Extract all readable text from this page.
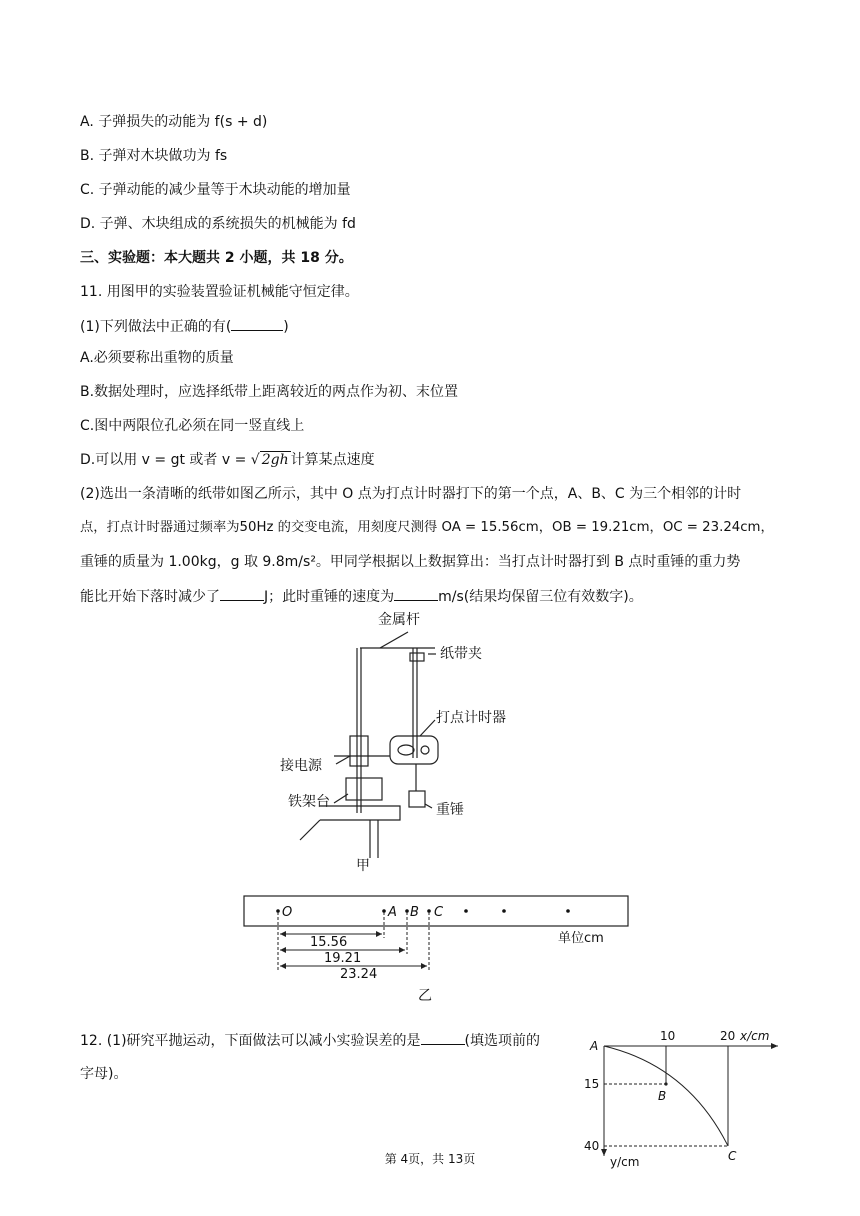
A. 子弹损失的动能为 f(s + d)
B. 子弹对木块做功为 fs
C. 子弹动能的减少量等于木块动能的增加量
D. 子弹、木块组成的系统损失的机械能为 fd
三、实验题：本大题共 2 小题，共 18 分。
11. 用图甲的实验装置验证机械能守恒定律。
(1)下列做法中正确的有(	)
A.必须要称出重物的质量
B.数据处理时，应选择纸带上距离较近的两点作为初、末位置
C.图中两限位孔必须在同一竖直线上
D.可以用 v = gt 或者 v = √ 2gh 计算某点速度
(2)选出一条清晰的纸带如图乙所示，其中 O 点为打点计时器打下的第一个点，A、B、C 为三个相邻的计时
点，打点计时器通过频率为50Hz 的交变电流，用刻度尺测得 OA = 15.56cm，OB = 19.21cm，OC = 23.24cm，
重锤的质量为 1.00kg，g 取 9.8m/s²。甲同学根据以上数据算出：当打点计时器打到 B 点时重锤的重力势
能比开始下落时减少了	J；此时重锤的速度为	m/s(结果均保留三位有效数字)。
金属杆
纸带夹
打点计时器
接电源
铁架台	重锤
甲
O	A B C
15.56
19.21
23.24
单位cm
乙
12. (1)研究平抛运动，下面做法可以减小实验误差的是	(填选项前的
字母)。
10	20 x/cm
15
40
y/cm
A
B
C
第 4页，共 13页
